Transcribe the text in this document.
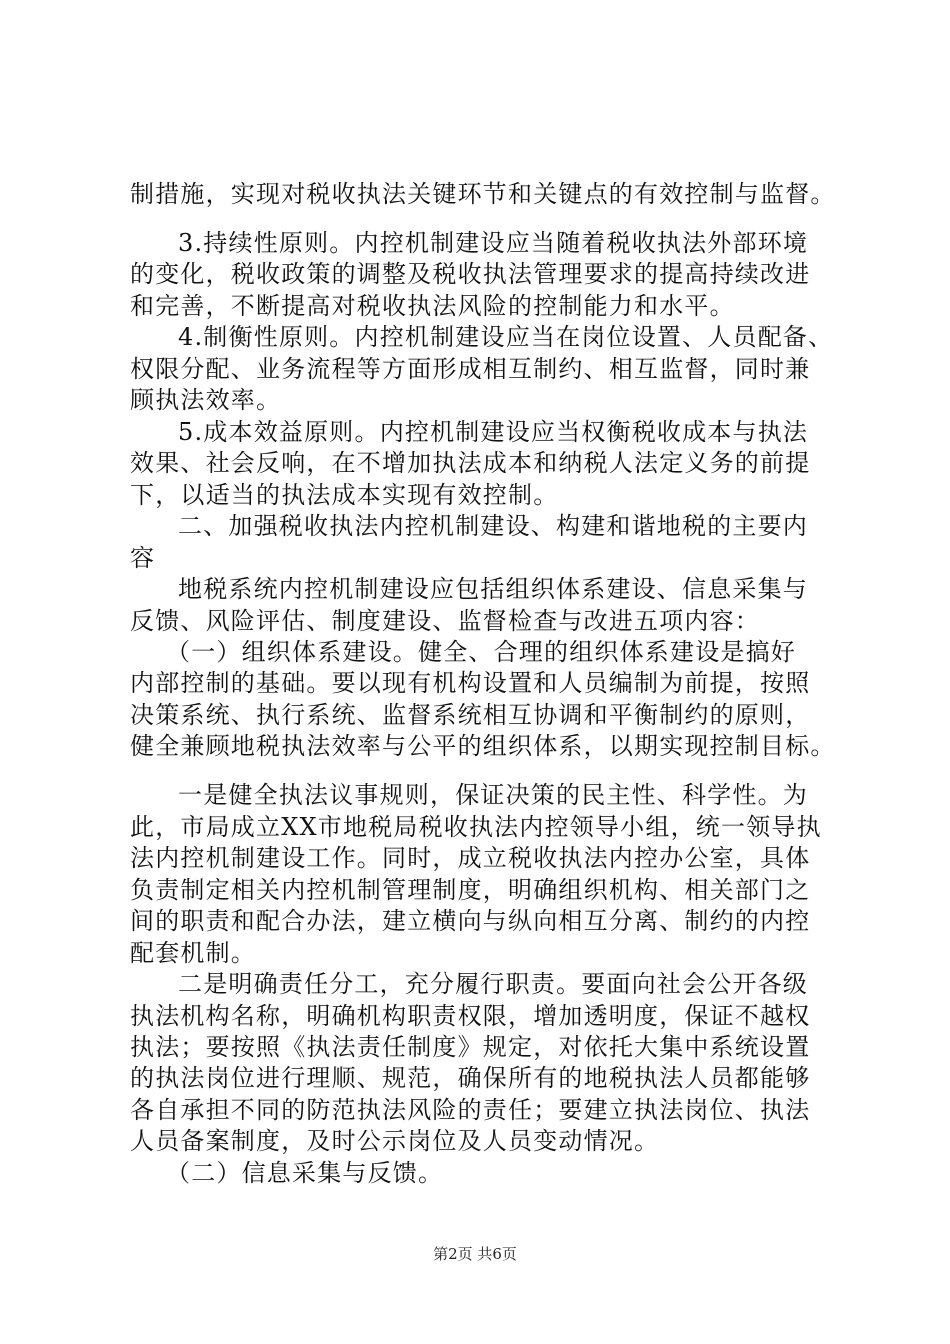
制措施，实现对税收执法关键环节和关键点的有效控制与监督。
3.持续性原则。内控机制建设应当随着税收执法外部环境
的变化，税收政策的调整及税收执法管理要求的提高持续改进
和完善，不断提高对税收执法风险的控制能力和水平。
4.制衡性原则。内控机制建设应当在岗位设置、人员配备、
权限分配、业务流程等方面形成相互制约、相互监督，同时兼
顾执法效率。
5.成本效益原则。内控机制建设应当权衡税收成本与执法
效果、社会反响，在不增加执法成本和纳税人法定义务的前提
下，以适当的执法成本实现有效控制。
二、加强税收执法内控机制建设、构建和谐地税的主要内
容
地税系统内控机制建设应包括组织体系建设、信息采集与
反馈、风险评估、制度建设、监督检查与改进五项内容：
（一）组织体系建设。健全、合理的组织体系建设是搞好
内部控制的基础。要以现有机构设置和人员编制为前提，按照
决策系统、执行系统、监督系统相互协调和平衡制约的原则，
健全兼顾地税执法效率与公平的组织体系，以期实现控制目标。
一是健全执法议事规则，保证决策的民主性、科学性。为
此，市局成立XX市地税局税收执法内控领导小组，统一领导执
法内控机制建设工作。同时，成立税收执法内控办公室，具体
负责制定相关内控机制管理制度，明确组织机构、相关部门之
间的职责和配合办法，建立横向与纵向相互分离、制约的内控
配套机制。
二是明确责任分工，充分履行职责。要面向社会公开各级
执法机构名称，明确机构职责权限，增加透明度，保证不越权
执法；要按照《执法责任制度》规定，对依托大集中系统设置
的执法岗位进行理顺、规范，确保所有的地税执法人员都能够
各自承担不同的防范执法风险的责任；要建立执法岗位、执法
人员备案制度，及时公示岗位及人员变动情况。
（二）信息采集与反馈。
第2页 共6页
